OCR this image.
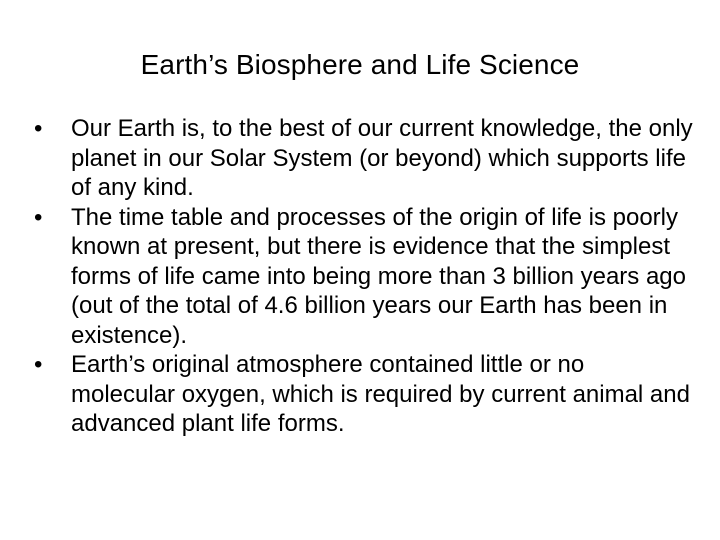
Earth’s Biosphere and Life Science
•	Our Earth is, to the best of our current knowledge, the only planet in our Solar System (or beyond) which supports life of any kind.
•	The time table and processes of the origin of life is poorly known at present, but there is evidence that the simplest forms of life came into being more than 3 billion years ago (out of the total of 4.6 billion years our Earth has been in existence).
•	Earth’s original atmosphere contained little or no molecular oxygen, which is required by current animal and advanced plant life forms.
